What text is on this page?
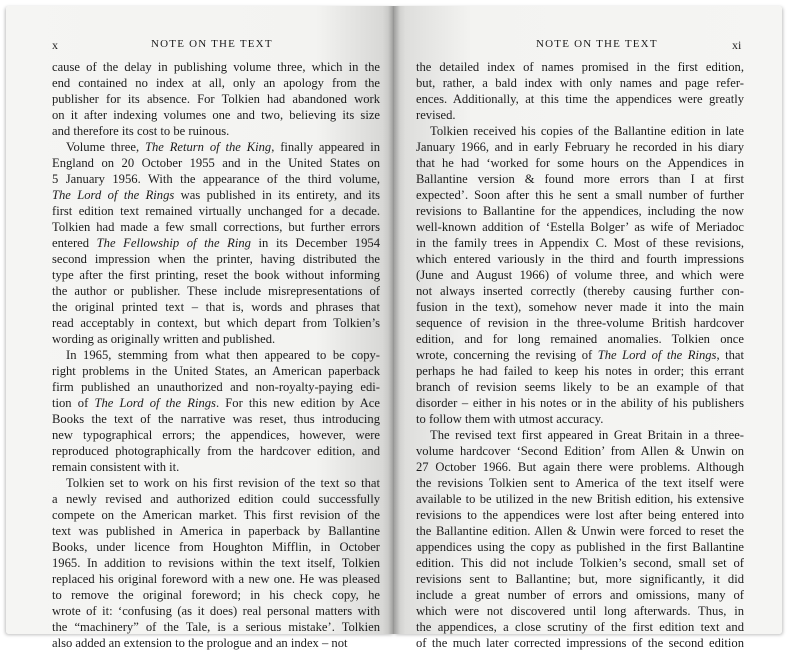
x	NOTE ON THE TEXT
cause of the delay in publishing volume three, which in the
end contained no index at all, only an apology from the
publisher for its absence. For Tolkien had abandoned work
on it after indexing volumes one and two, believing its size
and therefore its cost to be ruinous.
Volume three, The Return of the King, finally appeared in
England on 20 October 1955 and in the United States on
5 January 1956. With the appearance of the third volume,
The Lord of the Rings was published in its entirety, and its
first edition text remained virtually unchanged for a decade.
Tolkien had made a few small corrections, but further errors
entered The Fellowship of the Ring in its December 1954
second impression when the printer, having distributed the
type after the first printing, reset the book without informing
the author or publisher. These include misrepresentations of
the original printed text – that is, words and phrases that
read acceptably in context, but which depart from Tolkien’s
wording as originally written and published.
In 1965, stemming from what then appeared to be copy-
right problems in the United States, an American paperback
firm published an unauthorized and non-royalty-paying edi-
tion of The Lord of the Rings. For this new edition by Ace
Books the text of the narrative was reset, thus introducing
new typographical errors; the appendices, however, were
reproduced photographically from the hardcover edition, and
remain consistent with it.
Tolkien set to work on his first revision of the text so that
a newly revised and authorized edition could successfully
compete on the American market. This first revision of the
text was published in America in paperback by Ballantine
Books, under licence from Houghton Mifflin, in October
1965. In addition to revisions within the text itself, Tolkien
replaced his original foreword with a new one. He was pleased
to remove the original foreword; in his check copy, he
wrote of it: ‘confusing (as it does) real personal matters with
the “machinery” of the Tale, is a serious mistake’. Tolkien
also added an extension to the prologue and an index – not
NOTE ON THE TEXT	xi
the detailed index of names promised in the first edition,
but, rather, a bald index with only names and page refer-
ences. Additionally, at this time the appendices were greatly
revised.
Tolkien received his copies of the Ballantine edition in late
January 1966, and in early February he recorded in his diary
that he had ‘worked for some hours on the Appendices in
Ballantine version & found more errors than I at first
expected’. Soon after this he sent a small number of further
revisions to Ballantine for the appendices, including the now
well-known addition of ‘Estella Bolger’ as wife of Meriadoc
in the family trees in Appendix C. Most of these revisions,
which entered variously in the third and fourth impressions
(June and August 1966) of volume three, and which were
not always inserted correctly (thereby causing further con-
fusion in the text), somehow never made it into the main
sequence of revision in the three-volume British hardcover
edition, and for long remained anomalies. Tolkien once
wrote, concerning the revising of The Lord of the Rings, that
perhaps he had failed to keep his notes in order; this errant
branch of revision seems likely to be an example of that
disorder – either in his notes or in the ability of his publishers
to follow them with utmost accuracy.
The revised text first appeared in Great Britain in a three-
volume hardcover ‘Second Edition’ from Allen & Unwin on
27 October 1966. But again there were problems. Although
the revisions Tolkien sent to America of the text itself were
available to be utilized in the new British edition, his extensive
revisions to the appendices were lost after being entered into
the Ballantine edition. Allen & Unwin were forced to reset the
appendices using the copy as published in the first Ballantine
edition. This did not include Tolkien’s second, small set of
revisions sent to Ballantine; but, more significantly, it did
include a great number of errors and omissions, many of
which were not discovered until long afterwards. Thus, in
the appendices, a close scrutiny of the first edition text and
of the much later corrected impressions of the second edition
